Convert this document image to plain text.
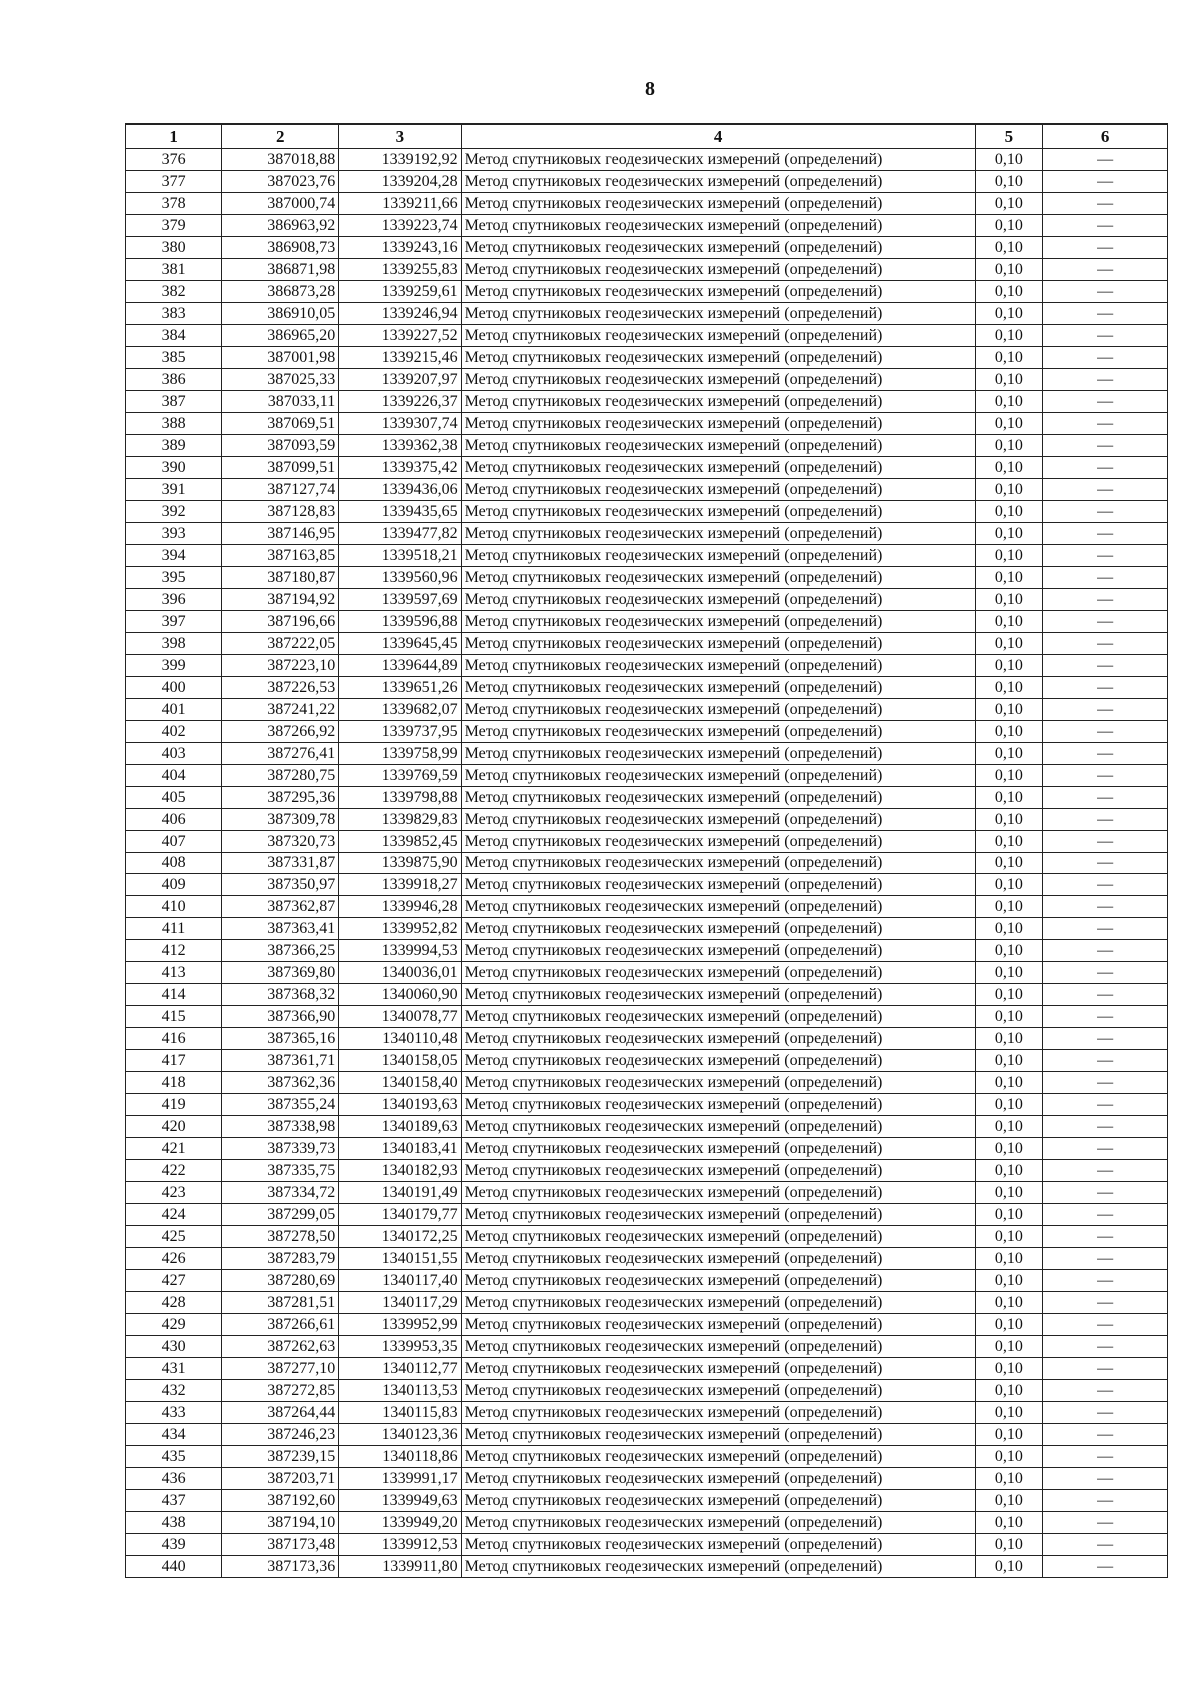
8
1	2	3	4	5	6
376	387018,88	1339192,92	Метод спутниковых геодезических измерений (определений)	0,10	—
377	387023,76	1339204,28	Метод спутниковых геодезических измерений (определений)	0,10	—
378	387000,74	1339211,66	Метод спутниковых геодезических измерений (определений)	0,10	—
379	386963,92	1339223,74	Метод спутниковых геодезических измерений (определений)	0,10	—
380	386908,73	1339243,16	Метод спутниковых геодезических измерений (определений)	0,10	—
381	386871,98	1339255,83	Метод спутниковых геодезических измерений (определений)	0,10	—
382	386873,28	1339259,61	Метод спутниковых геодезических измерений (определений)	0,10	—
383	386910,05	1339246,94	Метод спутниковых геодезических измерений (определений)	0,10	—
384	386965,20	1339227,52	Метод спутниковых геодезических измерений (определений)	0,10	—
385	387001,98	1339215,46	Метод спутниковых геодезических измерений (определений)	0,10	—
386	387025,33	1339207,97	Метод спутниковых геодезических измерений (определений)	0,10	—
387	387033,11	1339226,37	Метод спутниковых геодезических измерений (определений)	0,10	—
388	387069,51	1339307,74	Метод спутниковых геодезических измерений (определений)	0,10	—
389	387093,59	1339362,38	Метод спутниковых геодезических измерений (определений)	0,10	—
390	387099,51	1339375,42	Метод спутниковых геодезических измерений (определений)	0,10	—
391	387127,74	1339436,06	Метод спутниковых геодезических измерений (определений)	0,10	—
392	387128,83	1339435,65	Метод спутниковых геодезических измерений (определений)	0,10	—
393	387146,95	1339477,82	Метод спутниковых геодезических измерений (определений)	0,10	—
394	387163,85	1339518,21	Метод спутниковых геодезических измерений (определений)	0,10	—
395	387180,87	1339560,96	Метод спутниковых геодезических измерений (определений)	0,10	—
396	387194,92	1339597,69	Метод спутниковых геодезических измерений (определений)	0,10	—
397	387196,66	1339596,88	Метод спутниковых геодезических измерений (определений)	0,10	—
398	387222,05	1339645,45	Метод спутниковых геодезических измерений (определений)	0,10	—
399	387223,10	1339644,89	Метод спутниковых геодезических измерений (определений)	0,10	—
400	387226,53	1339651,26	Метод спутниковых геодезических измерений (определений)	0,10	—
401	387241,22	1339682,07	Метод спутниковых геодезических измерений (определений)	0,10	—
402	387266,92	1339737,95	Метод спутниковых геодезических измерений (определений)	0,10	—
403	387276,41	1339758,99	Метод спутниковых геодезических измерений (определений)	0,10	—
404	387280,75	1339769,59	Метод спутниковых геодезических измерений (определений)	0,10	—
405	387295,36	1339798,88	Метод спутниковых геодезических измерений (определений)	0,10	—
406	387309,78	1339829,83	Метод спутниковых геодезических измерений (определений)	0,10	—
407	387320,73	1339852,45	Метод спутниковых геодезических измерений (определений)	0,10	—
408	387331,87	1339875,90	Метод спутниковых геодезических измерений (определений)	0,10	—
409	387350,97	1339918,27	Метод спутниковых геодезических измерений (определений)	0,10	—
410	387362,87	1339946,28	Метод спутниковых геодезических измерений (определений)	0,10	—
411	387363,41	1339952,82	Метод спутниковых геодезических измерений (определений)	0,10	—
412	387366,25	1339994,53	Метод спутниковых геодезических измерений (определений)	0,10	—
413	387369,80	1340036,01	Метод спутниковых геодезических измерений (определений)	0,10	—
414	387368,32	1340060,90	Метод спутниковых геодезических измерений (определений)	0,10	—
415	387366,90	1340078,77	Метод спутниковых геодезических измерений (определений)	0,10	—
416	387365,16	1340110,48	Метод спутниковых геодезических измерений (определений)	0,10	—
417	387361,71	1340158,05	Метод спутниковых геодезических измерений (определений)	0,10	—
418	387362,36	1340158,40	Метод спутниковых геодезических измерений (определений)	0,10	—
419	387355,24	1340193,63	Метод спутниковых геодезических измерений (определений)	0,10	—
420	387338,98	1340189,63	Метод спутниковых геодезических измерений (определений)	0,10	—
421	387339,73	1340183,41	Метод спутниковых геодезических измерений (определений)	0,10	—
422	387335,75	1340182,93	Метод спутниковых геодезических измерений (определений)	0,10	—
423	387334,72	1340191,49	Метод спутниковых геодезических измерений (определений)	0,10	—
424	387299,05	1340179,77	Метод спутниковых геодезических измерений (определений)	0,10	—
425	387278,50	1340172,25	Метод спутниковых геодезических измерений (определений)	0,10	—
426	387283,79	1340151,55	Метод спутниковых геодезических измерений (определений)	0,10	—
427	387280,69	1340117,40	Метод спутниковых геодезических измерений (определений)	0,10	—
428	387281,51	1340117,29	Метод спутниковых геодезических измерений (определений)	0,10	—
429	387266,61	1339952,99	Метод спутниковых геодезических измерений (определений)	0,10	—
430	387262,63	1339953,35	Метод спутниковых геодезических измерений (определений)	0,10	—
431	387277,10	1340112,77	Метод спутниковых геодезических измерений (определений)	0,10	—
432	387272,85	1340113,53	Метод спутниковых геодезических измерений (определений)	0,10	—
433	387264,44	1340115,83	Метод спутниковых геодезических измерений (определений)	0,10	—
434	387246,23	1340123,36	Метод спутниковых геодезических измерений (определений)	0,10	—
435	387239,15	1340118,86	Метод спутниковых геодезических измерений (определений)	0,10	—
436	387203,71	1339991,17	Метод спутниковых геодезических измерений (определений)	0,10	—
437	387192,60	1339949,63	Метод спутниковых геодезических измерений (определений)	0,10	—
438	387194,10	1339949,20	Метод спутниковых геодезических измерений (определений)	0,10	—
439	387173,48	1339912,53	Метод спутниковых геодезических измерений (определений)	0,10	—
440	387173,36	1339911,80	Метод спутниковых геодезических измерений (определений)	0,10	—
